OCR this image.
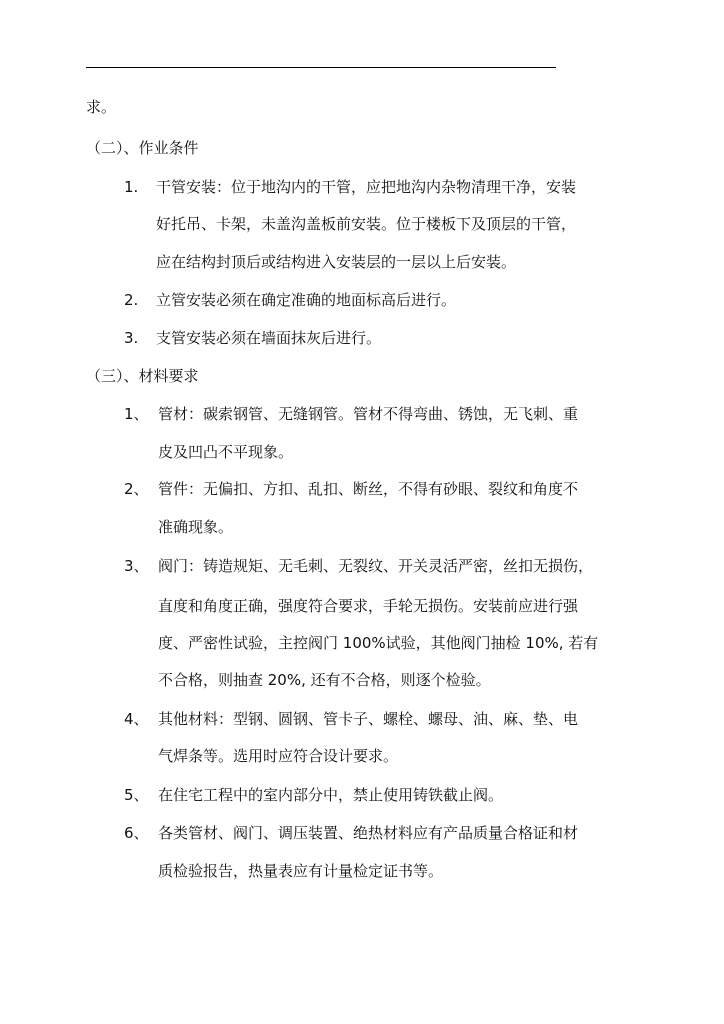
求。
（二）、作业条件
1. 干管安装：位于地沟内的干管，应把地沟内杂物清理干净，安装
好托吊、卡架，未盖沟盖板前安装。位于楼板下及顶层的干管，
应在结构封顶后或结构进入安装层的一层以上后安装。
2. 立管安装必须在确定准确的地面标高后进行。
3. 支管安装必须在墙面抹灰后进行。
（三）、材料要求
1、 管材：碳索钢管、无缝钢管。管材不得弯曲、锈蚀，无飞刺、重
皮及凹凸不平现象。
2、 管件：无偏扣、方扣、乱扣、断丝，不得有砂眼、裂纹和角度不
准确现象。
3、 阀门：铸造规矩、无毛刺、无裂纹、开关灵活严密，丝扣无损伤，
直度和角度正确，强度符合要求，手轮无损伤。安装前应进行强
度、严密性试验，主控阀门 100%试验，其他阀门抽检 10%, 若有
不合格，则抽查 20%, 还有不合格，则逐个检验。
4、 其他材料：型钢、圆钢、管卡子、螺栓、螺母、油、麻、垫、电
气焊条等。选用时应符合设计要求。
5、 在住宅工程中的室内部分中，禁止使用铸铁截止阀。
6、 各类管材、阀门、调压装置、绝热材料应有产品质量合格证和材
质检验报告，热量表应有计量检定证书等。
